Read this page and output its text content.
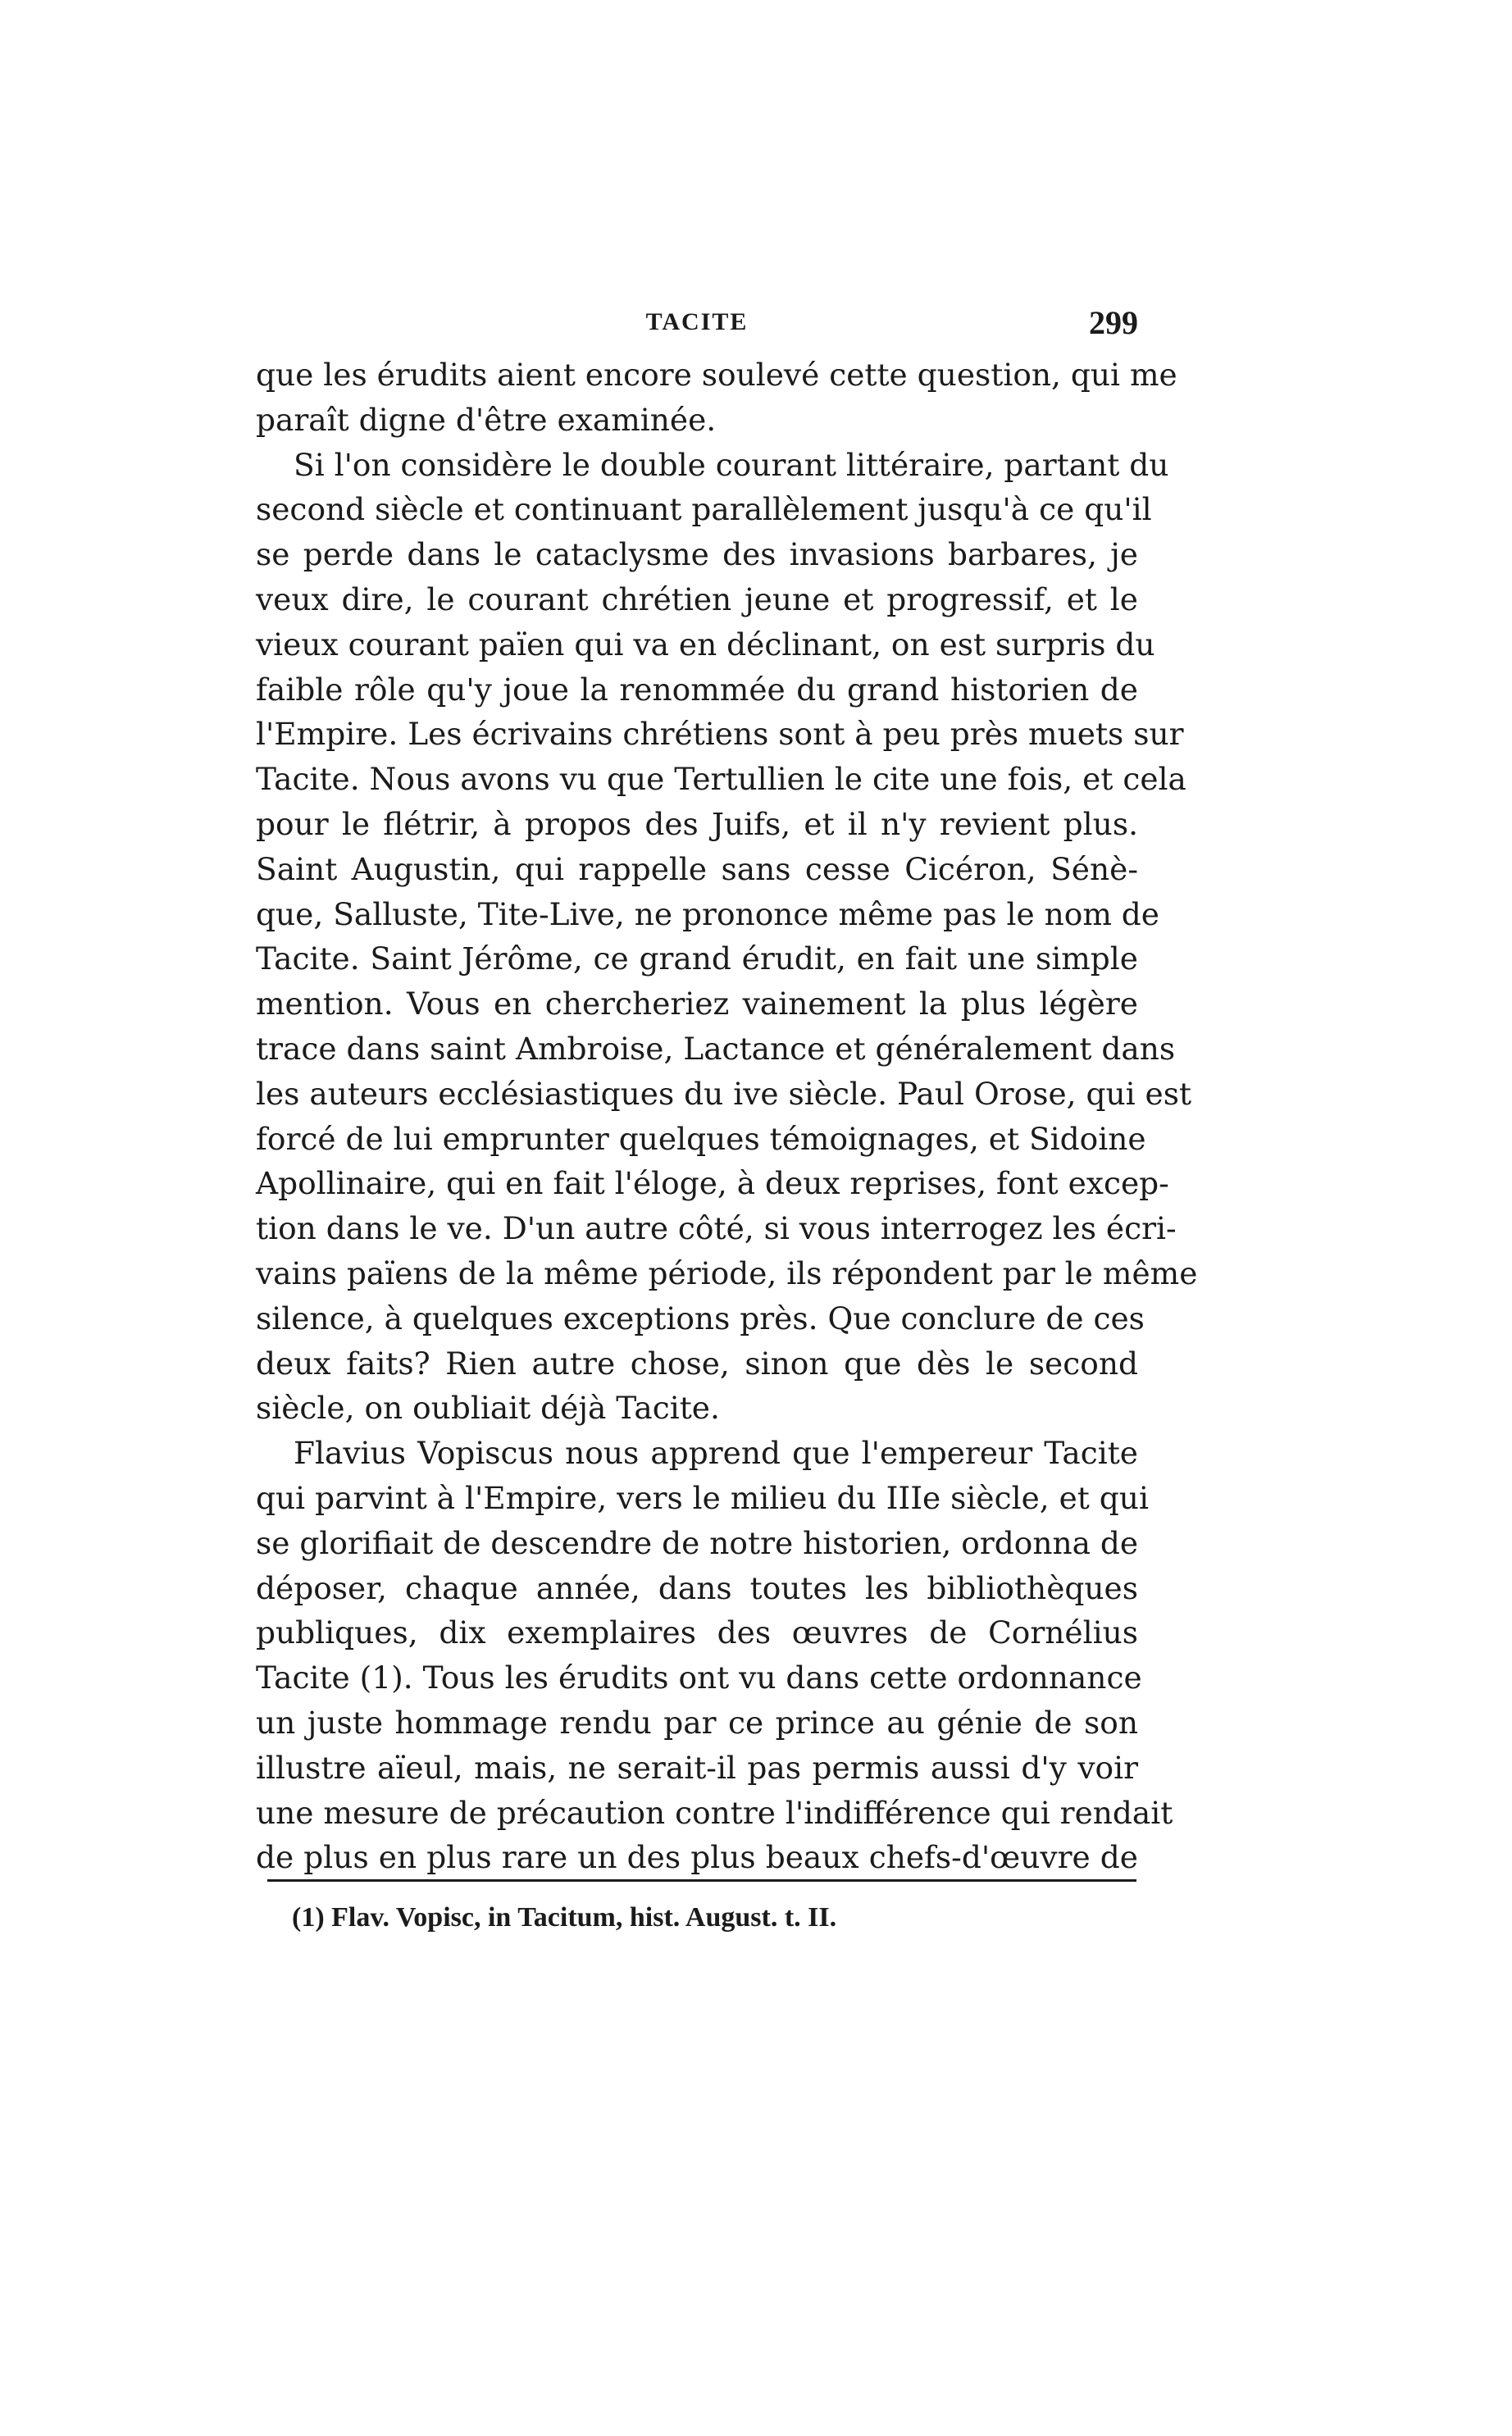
TACITE	299
que les érudits aient encore soulevé cette question, qui me
paraît digne d'être examinée.
Si l'on considère le double courant littéraire, partant du
second siècle et continuant parallèlement jusqu'à ce qu'il
se perde dans le cataclysme des invasions barbares, je
veux dire, le courant chrétien jeune et progressif, et le
vieux courant païen qui va en déclinant, on est surpris du
faible rôle qu'y joue la renommée du grand historien de
l'Empire. Les écrivains chrétiens sont à peu près muets sur
Tacite. Nous avons vu que Tertullien le cite une fois, et cela
pour le flétrir, à propos des Juifs, et il n'y revient plus.
Saint Augustin, qui rappelle sans cesse Cicéron, Sénè-
que, Salluste, Tite-Live, ne prononce même pas le nom de
Tacite. Saint Jérôme, ce grand érudit, en fait une simple
mention. Vous en chercheriez vainement la plus légère
trace dans saint Ambroise, Lactance et généralement dans
les auteurs ecclésiastiques du ive siècle. Paul Orose, qui est
forcé de lui emprunter quelques témoignages, et Sidoine
Apollinaire, qui en fait l'éloge, à deux reprises, font excep-
tion dans le ve. D'un autre côté, si vous interrogez les écri-
vains païens de la même période, ils répondent par le même
silence, à quelques exceptions près. Que conclure de ces
deux faits? Rien autre chose, sinon que dès le second
siècle, on oubliait déjà Tacite.
Flavius Vopiscus nous apprend que l'empereur Tacite
qui parvint à l'Empire, vers le milieu du IIIe siècle, et qui
se glorifiait de descendre de notre historien, ordonna de
déposer, chaque année, dans toutes les bibliothèques
publiques, dix exemplaires des œuvres de Cornélius
Tacite (1). Tous les érudits ont vu dans cette ordonnance
un juste hommage rendu par ce prince au génie de son
illustre aïeul, mais, ne serait-il pas permis aussi d'y voir
une mesure de précaution contre l'indifférence qui rendait
de plus en plus rare un des plus beaux chefs-d'œuvre de
(1) Flav. Vopisc, in Tacitum, hist. August. t. II.
